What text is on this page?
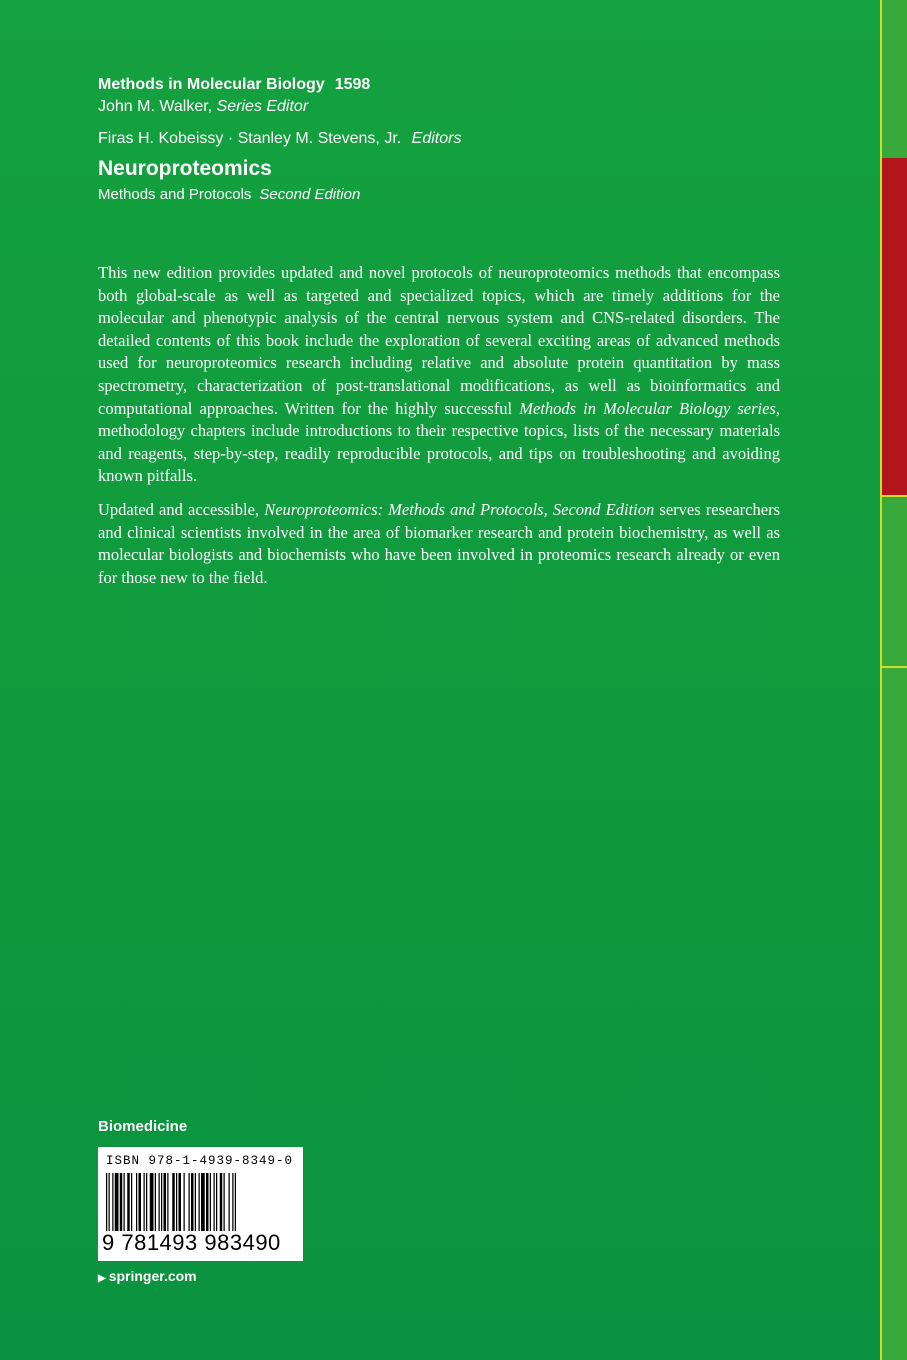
Methods in Molecular Biology 1598
John M. Walker, Series Editor
Firas H. Kobeissy · Stanley M. Stevens, Jr. Editors
Neuroproteomics
Methods and Protocols Second Edition

This new edition provides updated and novel protocols of neuroproteomics methods that encompass both global-scale as well as targeted and specialized topics, which are timely additions for the molecular and phenotypic analysis of the central nervous system and CNS-related disorders. The detailed contents of this book include the exploration of several exciting areas of advanced methods used for neuroproteomics research including relative and absolute protein quantitation by mass spectrometry, characterization of post-translational modifications, as well as bioinformatics and computational approaches. Written for the highly successful Methods in Molecular Biology series, methodology chapters include introductions to their respective topics, lists of the necessary materials and reagents, step-by-step, readily reproducible protocols, and tips on troubleshooting and avoiding known pitfalls.

Updated and accessible, Neuroproteomics: Methods and Protocols, Second Edition serves researchers and clinical scientists involved in the area of biomarker research and protein biochemistry, as well as molecular biologists and biochemists who have been involved in proteomics research already or even for those new to the field.

Biomedicine
ISBN 978-1-4939-8349-0
9 781493 983490
▶ springer.com
